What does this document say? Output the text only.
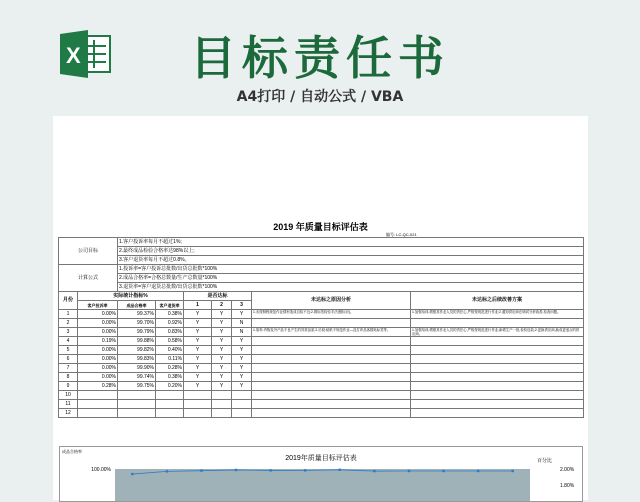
X 目标责任书
A4打印 / 自动公式 / VBA
2019 年质量目标评估表
编号: LC-QC-021
公司目标		1.客户投诉率每月不超过1%;						
		2.最终成品检验合格率达98%以上;						
		3.客户退货率每月不超过0.8%。						
计算公式		1.投诉率=客户投诉总批数/出货总批数*100%						
		2.成品合格率=合格总数量/生产总数量*100%						
		3.退货率=客户退货总批数/出货总批数*100%						
月份	实际统计指标%			是否达标			未达标之原因分析	未达标之后续改善方案
	客户投诉率	成品合格率	客户退货率	1	2	3		
1	0.00%	99.37%	0.38%	Y	Y	Y	1.未按制程规范作业情形造成自检不良;2.做标签检验手法(错标识)。	1.加强培训,增强其作业人员的责任心,严格按规范进行作业;2.通知供应商在调试分析改善,检查问题。
2	0.00%	99.70%	0.92%	Y	Y	N		
3	0.00%	99.79%	0.83%	Y	Y	N	1.原料:内购及外产品不良产生的异常品质;2.后段:贴纸不规范作业—没打印品客数贴标签等。	1.加强培训,增强其作业人员的责任心,严格按规范进行作业,新增生产一批,检验包装;2.更换供应商,换成更适合的供应商。
4	0.19%	99.88%	0.58%	Y	Y	Y		
5	0.00%	99.82%	0.40%	Y	Y	Y		
6	0.00%	99.83%	0.11%	Y	Y	Y		
7	0.00%	99.90%	0.28%	Y	Y	Y		
8	0.00%	99.74%	0.38%	Y	Y	Y		
9	0.28%	99.75%	0.20%	Y	Y	Y		
10								
11								
12								
成品合格率
2019年质量目标评估表	百分比
100.00%	2.00%
1.80%
